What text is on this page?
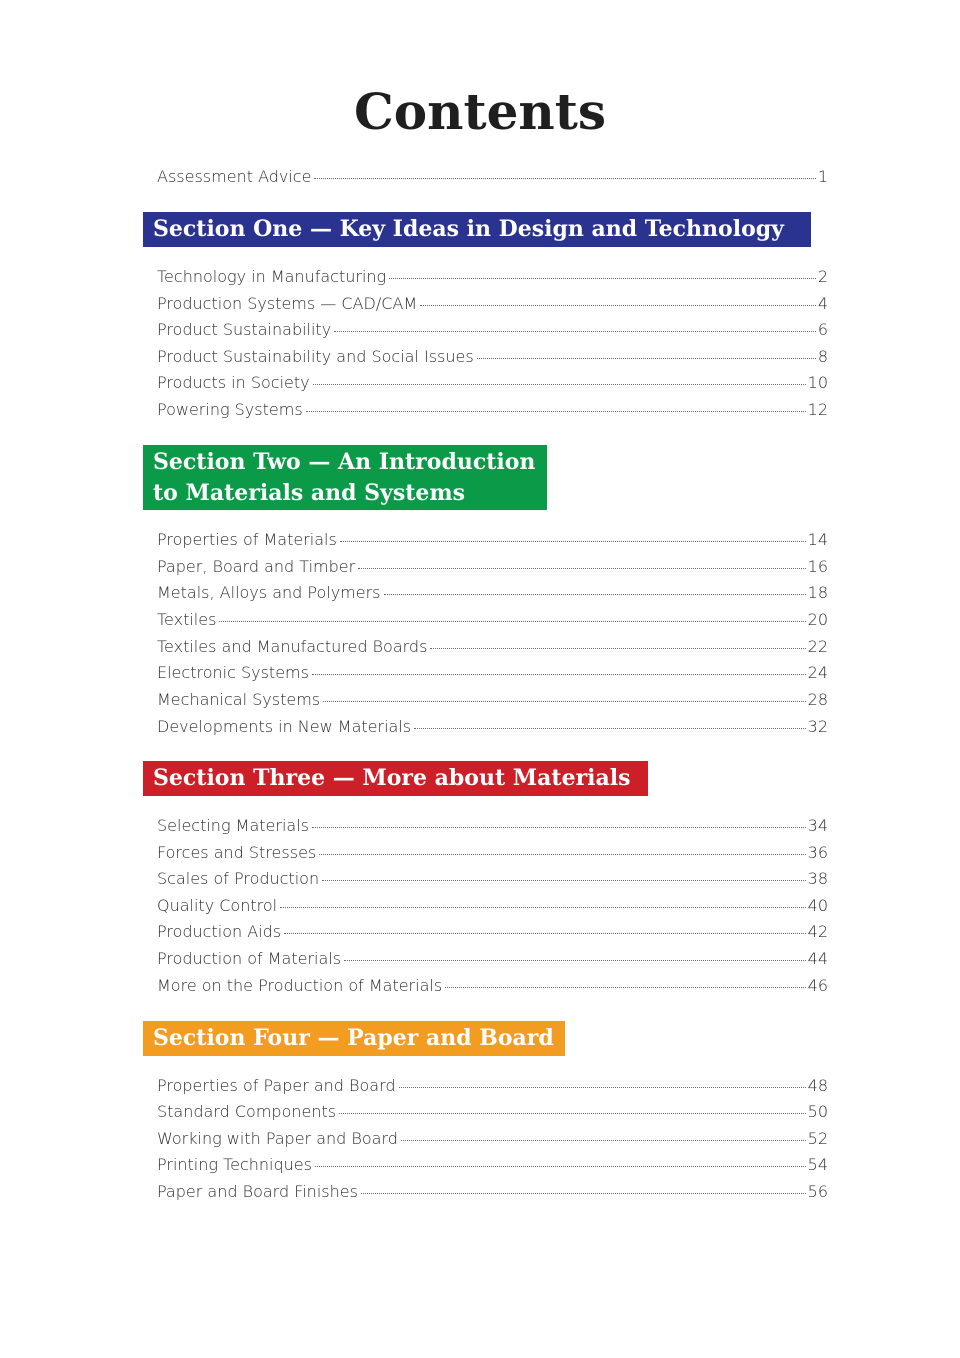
Contents
Assessment Advice	1
Section One — Key Ideas in Design and Technology
Technology in Manufacturing	2
Production Systems — CAD/CAM	4
Product Sustainability	6
Product Sustainability and Social Issues	8
Products in Society	10
Powering Systems	12
Section Two — An Introduction
to Materials and Systems
Properties of Materials	14
Paper, Board and Timber	16
Metals, Alloys and Polymers	18
Textiles	20
Textiles and Manufactured Boards	22
Electronic Systems	24
Mechanical Systems	28
Developments in New Materials	32
Section Three — More about Materials
Selecting Materials	34
Forces and Stresses	36
Scales of Production	38
Quality Control	40
Production Aids	42
Production of Materials	44
More on the Production of Materials	46
Section Four — Paper and Board
Properties of Paper and Board	48
Standard Components	50
Working with Paper and Board	52
Printing Techniques	54
Paper and Board Finishes	56
